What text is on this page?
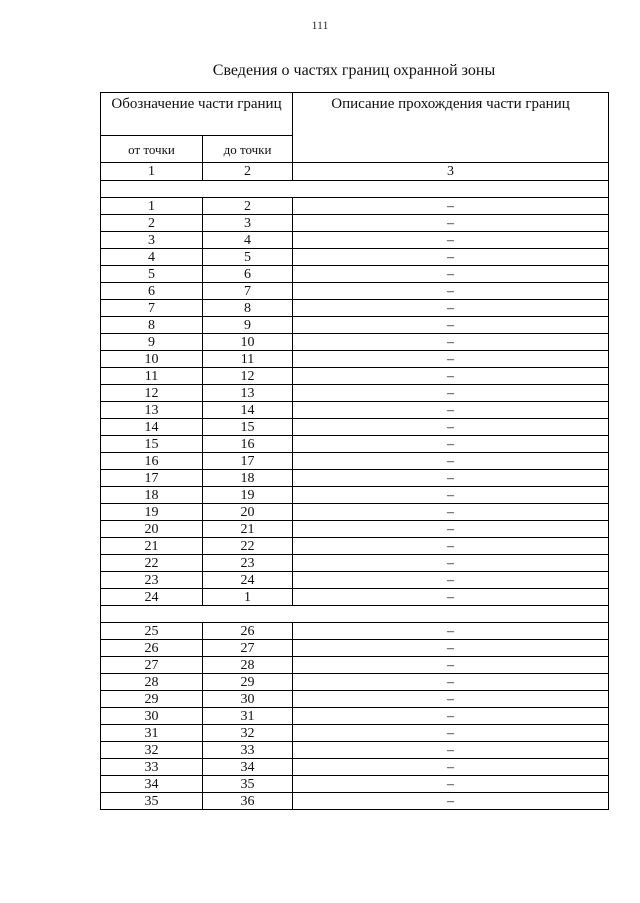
111
Сведения о частях границ охранной зоны
Обозначение части границ		Описание прохождения части границ
от точки	до точки	
1	2	3

1	2	–
2	3	–
3	4	–
4	5	–
5	6	–
6	7	–
7	8	–
8	9	–
9	10	–
10	11	–
11	12	–
12	13	–
13	14	–
14	15	–
15	16	–
16	17	–
17	18	–
18	19	–
19	20	–
20	21	–
21	22	–
22	23	–
23	24	–
24	1	–

25	26	–
26	27	–
27	28	–
28	29	–
29	30	–
30	31	–
31	32	–
32	33	–
33	34	–
34	35	–
35	36	–
